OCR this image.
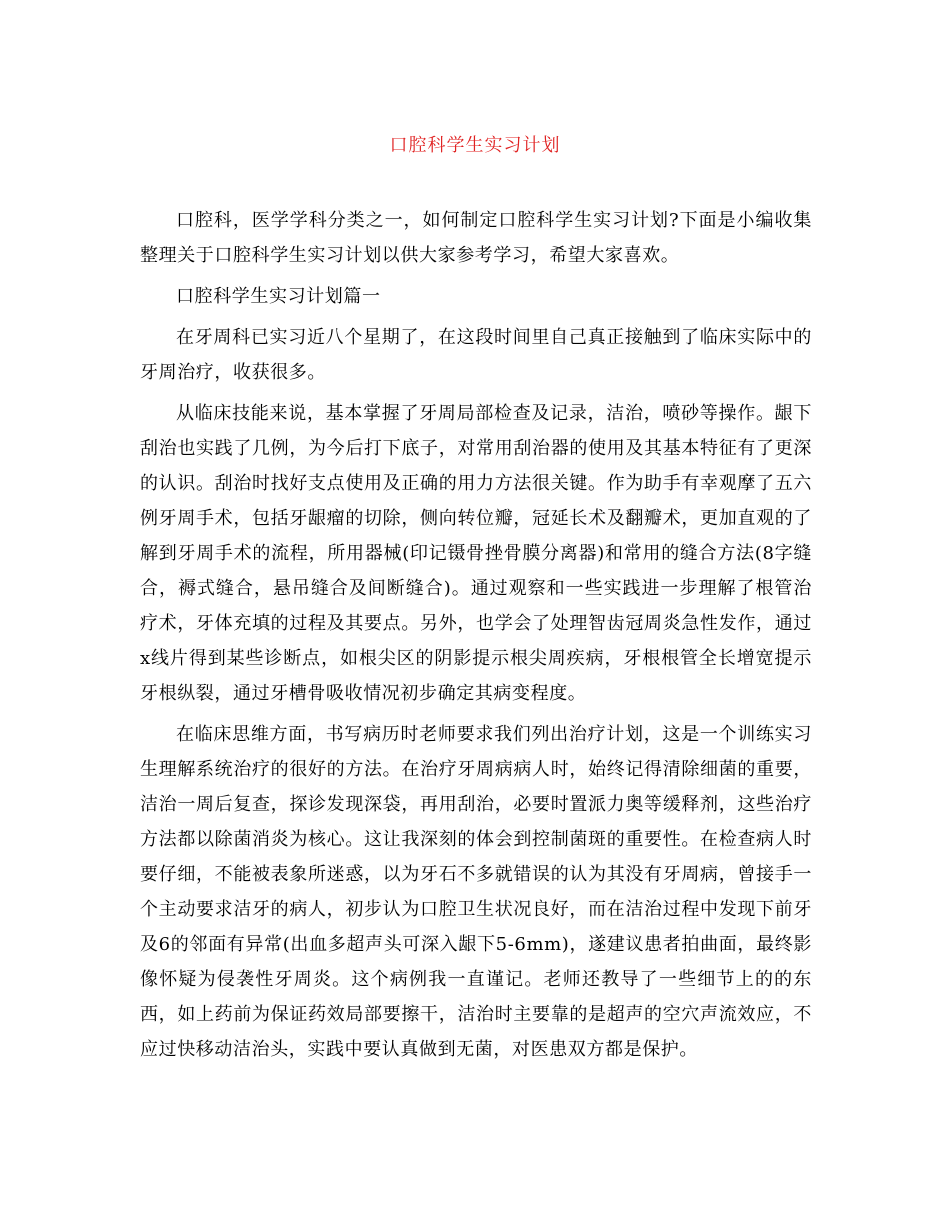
口腔科学生实习计划

口腔科，医学学科分类之一，如何制定口腔科学生实习计划?下面是小编收集整理关于口腔科学生实习计划以供大家参考学习，希望大家喜欢。

口腔科学生实习计划篇一

在牙周科已实习近八个星期了，在这段时间里自己真正接触到了临床实际中的牙周治疗，收获很多。

从临床技能来说，基本掌握了牙周局部检查及记录，洁治，喷砂等操作。龈下刮治也实践了几例，为今后打下底子，对常用刮治器的使用及其基本特征有了更深的认识。刮治时找好支点使用及正确的用力方法很关键。作为助手有幸观摩了五六例牙周手术，包括牙龈瘤的切除，侧向转位瓣，冠延长术及翻瓣术，更加直观的了解到牙周手术的流程，所用器械(印记镊骨挫骨膜分离器)和常用的缝合方法(8字缝合，褥式缝合，悬吊缝合及间断缝合)。通过观察和一些实践进一步理解了根管治疗术，牙体充填的过程及其要点。另外，也学会了处理智齿冠周炎急性发作，通过x线片得到某些诊断点，如根尖区的阴影提示根尖周疾病，牙根根管全长增宽提示牙根纵裂，通过牙槽骨吸收情况初步确定其病变程度。

在临床思维方面，书写病历时老师要求我们列出治疗计划，这是一个训练实习生理解系统治疗的很好的方法。在治疗牙周病病人时，始终记得清除细菌的重要，洁治一周后复查，探诊发现深袋，再用刮治，必要时置派力奥等缓释剂，这些治疗方法都以除菌消炎为核心。这让我深刻的体会到控制菌斑的重要性。在检查病人时要仔细，不能被表象所迷惑，以为牙石不多就错误的认为其没有牙周病，曾接手一个主动要求洁牙的病人，初步认为口腔卫生状况良好，而在洁治过程中发现下前牙及6的邻面有异常(出血多超声头可深入龈下5-6mm)，遂建议患者拍曲面，最终影像怀疑为侵袭性牙周炎。这个病例我一直谨记。老师还教导了一些细节上的的东西，如上药前为保证药效局部要擦干，洁治时主要靠的是超声的空穴声流效应，不应过快移动洁治头，实践中要认真做到无菌，对医患双方都是保护。
